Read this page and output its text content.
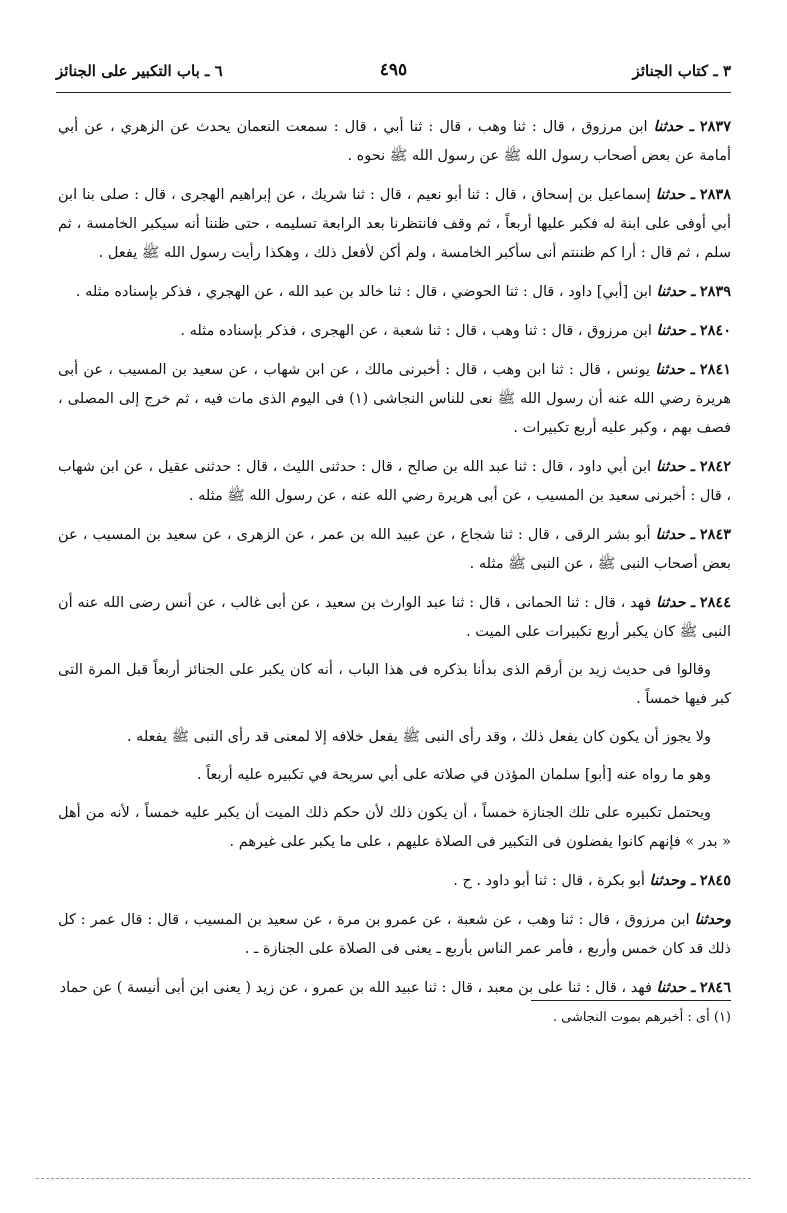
٣ ـ كتاب الجنائز
٤٩٥
٦ ـ باب التكبير على الجنائز

٢٨٣٧ ـ حدثنا ابن مرزوق ، قال : ثنا وهب ، قال : ثنا أبي ، قال : سمعت النعمان يحدث عن الزهري ، عن أبي أمامة عن بعض أصحاب رسول الله ﷺ عن رسول الله ﷺ نحوه .

٢٨٣٨ ـ حدثنا إسماعيل بن إسحاق ، قال : ثنا أبو نعيم ، قال : ثنا شريك ، عن إبراهيم الهجرى ، قال : صلى بنا ابن أبي أوفى على ابنة له فكبر عليها أربعاً ، ثم وقف فانتظرنا بعد الرابعة تسليمه ، حتى ظننا أنه سيكبر الخامسة ، ثم سلم ، ثم قال : أرا كم ظننتم أنى سأكبر الخامسة ، ولم أكن لأفعل ذلك ، وهكذا رأيت رسول الله ﷺ يفعل .

٢٨٣٩ ـ حدثنا ابن [أبي] داود ، قال : ثنا الحوضي ، قال : ثنا خالد بن عبد الله ، عن الهجري ، فذكر بإسناده مثله .

٢٨٤٠ ـ حدثنا ابن مرزوق ، قال : ثنا وهب ، قال : ثنا شعبة ، عن الهجرى ، فذكر بإسناده مثله .

٢٨٤١ ـ حدثنا يونس ، قال : ثنا ابن وهب ، قال : أخبرنى مالك ، عن ابن شهاب ، عن سعيد بن المسيب ، عن أبى هريرة رضي الله عنه أن رسول الله ﷺ نعى للناس النجاشى (١) فى اليوم الذى مات فيه ، ثم خرج إلى المصلى ، فصف بهم ، وكبر عليه أربع تكبيرات .

٢٨٤٢ ـ حدثنا ابن أبي داود ، قال : ثنا عبد الله بن صالح ، قال : حدثنى الليث ، قال : حدثنى عقيل ، عن ابن شهاب ، قال : أخبرنى سعيد بن المسيب ، عن أبى هريرة رضي الله عنه ، عن رسول الله ﷺ مثله .

٢٨٤٣ ـ حدثنا أبو بشر الرقى ، قال : ثنا شجاع ، عن عبيد الله بن عمر ، عن الزهرى ، عن سعيد بن المسيب ، عن بعض أصحاب النبى ﷺ ، عن النبى ﷺ مثله .

٢٨٤٤ ـ حدثنا فهد ، قال : ثنا الحمانى ، قال : ثنا عبد الوارث بن سعيد ، عن أبى غالب ، عن أنس رضى الله عنه أن النبى ﷺ كان يكبر أربع تكبيرات على الميت .

وقالوا فى حديث زيد بن أرقم الذى بدأنا بذكره فى هذا الباب ، أنه كان يكبر على الجنائز أربعاً قبل المرة التى كبر فيها خمساً .

ولا يجوز أن يكون كان يفعل ذلك ، وقد رأى النبى ﷺ يفعل خلافه إلا لمعنى قد رأى النبى ﷺ يفعله .

وهو ما رواه عنه [أبو] سلمان المؤذن في صلاته على أبي سريحة في تكبيره عليه أربعاً .

ويحتمل تكبيره على تلك الجنازة خمساً ، أن يكون ذلك لأن حكم ذلك الميت أن يكبر عليه خمساً ، لأنه من أهل « بدر » فإنهم كانوا يفضلون فى التكبير فى الصلاة عليهم ، على ما يكبر على غيرهم .

٢٨٤٥ ـ وحدثنا أبو بكرة ، قال : ثنا أبو داود . ح .

وحدثنا ابن مرزوق ، قال : ثنا وهب ، عن شعبة ، عن عمرو بن مرة ، عن سعيد بن المسيب ، قال : قال عمر : كل ذلك قد كان خمس وأربع ، فأمر عمر الناس بأربع ـ يعنى فى الصلاة على الجنازة ـ .

٢٨٤٦ ـ حدثنا فهد ، قال : ثنا على بن معبد ، قال : ثنا عبيد الله بن عمرو ، عن زيد ( يعنى ابن أبى أنيسة ) عن حماد

(١) أى : أخبرهم بموت النجاشى .
